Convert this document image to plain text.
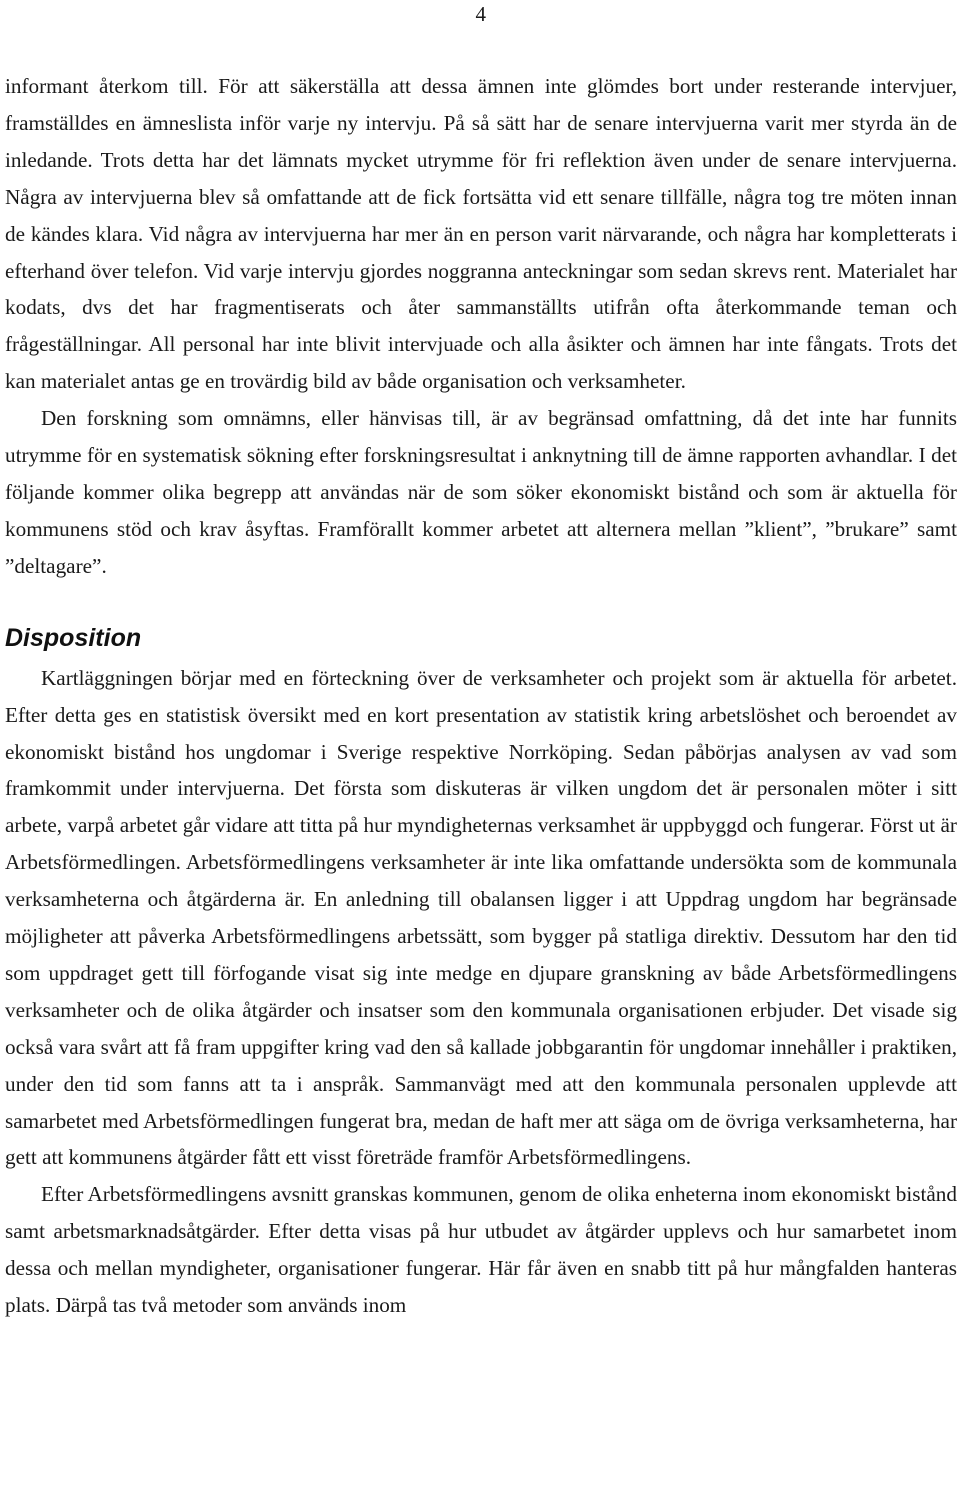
4

informant återkom till. För att säkerställa att dessa ämnen inte glömdes bort under resterande intervjuer, framställdes en ämneslista inför varje ny intervju. På så sätt har de senare intervjuerna varit mer styrda än de inledande. Trots detta har det lämnats mycket utrymme för fri reflektion även under de senare intervjuerna. Några av intervjuerna blev så omfattande att de fick fortsätta vid ett senare tillfälle, några tog tre möten innan de kändes klara. Vid några av intervjuerna har mer än en person varit närvarande, och några har kompletterats i efterhand över telefon. Vid varje intervju gjordes noggranna anteckningar som sedan skrevs rent. Materialet har kodats, dvs det har fragmentiserats och åter sammanställts utifrån ofta återkommande teman och frågeställningar. All personal har inte blivit intervjuade och alla åsikter och ämnen har inte fångats. Trots det kan materialet antas ge en trovärdig bild av både organisation och verksamheter.

Den forskning som omnämns, eller hänvisas till, är av begränsad omfattning, då det inte har funnits utrymme för en systematisk sökning efter forskningsresultat i anknytning till de ämne rapporten avhandlar. I det följande kommer olika begrepp att användas när de som söker ekonomiskt bistånd och som är aktuella för kommunens stöd och krav åsyftas. Framförallt kommer arbetet att alternera mellan ”klient”, ”brukare” samt ”deltagare”.

Disposition

Kartläggningen börjar med en förteckning över de verksamheter och projekt som är aktuella för arbetet. Efter detta ges en statistisk översikt med en kort presentation av statistik kring arbetslöshet och beroendet av ekonomiskt bistånd hos ungdomar i Sverige respektive Norrköping. Sedan påbörjas analysen av vad som framkommit under intervjuerna. Det första som diskuteras är vilken ungdom det är personalen möter i sitt arbete, varpå arbetet går vidare att titta på hur myndigheternas verksamhet är uppbyggd och fungerar. Först ut är Arbetsförmedlingen. Arbetsförmedlingens verksamheter är inte lika omfattande undersökta som de kommunala verksamheterna och åtgärderna är. En anledning till obalansen ligger i att Uppdrag ungdom har begränsade möjligheter att påverka Arbetsförmedlingens arbetssätt, som bygger på statliga direktiv. Dessutom har den tid som uppdraget gett till förfogande visat sig inte medge en djupare granskning av både Arbetsförmedlingens verksamheter och de olika åtgärder och insatser som den kommunala organisationen erbjuder. Det visade sig också vara svårt att få fram uppgifter kring vad den så kallade jobbgarantin för ungdomar innehåller i praktiken, under den tid som fanns att ta i anspråk. Sammanvägt med att den kommunala personalen upplevde att samarbetet med Arbetsförmedlingen fungerat bra, medan de haft mer att säga om de övriga verksamheterna, har gett att kommunens åtgärder fått ett visst företräde framför Arbetsförmedlingens.

Efter Arbetsförmedlingens avsnitt granskas kommunen, genom de olika enheterna inom ekonomiskt bistånd samt arbetsmarknadsåtgärder. Efter detta visas på hur utbudet av åtgärder upplevs och hur samarbetet inom dessa och mellan myndigheter, organisationer fungerar. Här får även en snabb titt på hur mångfalden hanteras plats. Därpå tas två metoder som används inom
